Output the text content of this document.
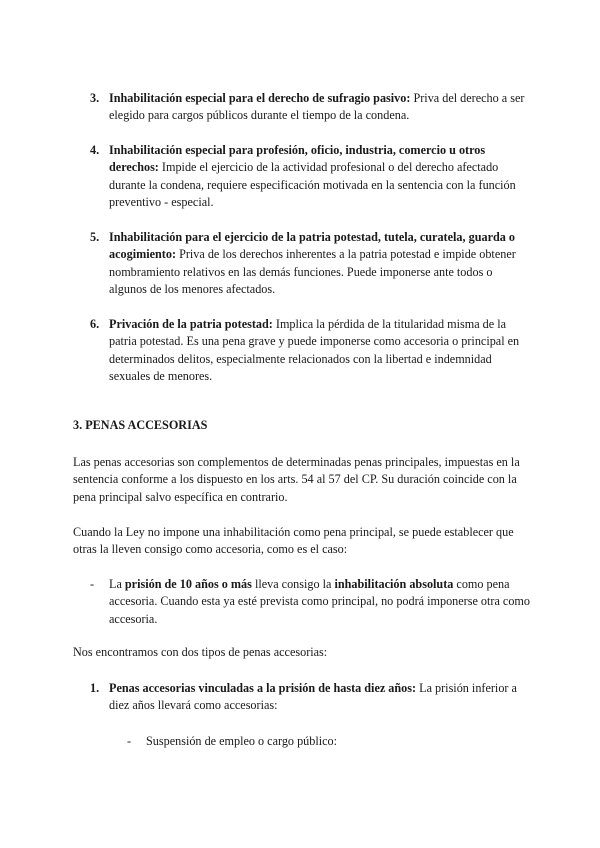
3. Inhabilitación especial para el derecho de sufragio pasivo: Priva del derecho a ser elegido para cargos públicos durante el tiempo de la condena.
4. Inhabilitación especial para profesión, oficio, industria, comercio u otros derechos: Impide el ejercicio de la actividad profesional o del derecho afectado durante la condena, requiere especificación motivada en la sentencia con la función preventivo - especial.
5. Inhabilitación para el ejercicio de la patria potestad, tutela, curatela, guarda o acogimiento: Priva de los derechos inherentes a la patria potestad e impide obtener nombramiento relativos en las demás funciones. Puede imponerse ante todos o algunos de los menores afectados.
6. Privación de la patria potestad: Implica la pérdida de la titularidad misma de la patria potestad. Es una pena grave y puede imponerse como accesoria o principal en determinados delitos, especialmente relacionados con la libertad e indemnidad sexuales de menores.
3. PENAS ACCESORIAS
Las penas accesorias son complementos de determinadas penas principales, impuestas en la sentencia conforme a los dispuesto en los arts. 54 al 57 del CP. Su duración coincide con la pena principal salvo específica en contrario.
Cuando la Ley no impone una inhabilitación como pena principal, se puede establecer que otras la lleven consigo como accesoria, como es el caso:
- La prisión de 10 años o más lleva consigo la inhabilitación absoluta como pena accesoria. Cuando esta ya esté prevista como principal, no podrá imponerse otra como accesoria.
Nos encontramos con dos tipos de penas accesorias:
1. Penas accesorias vinculadas a la prisión de hasta diez años: La prisión inferior a diez años llevará como accesorias:
- Suspensión de empleo o cargo público:
